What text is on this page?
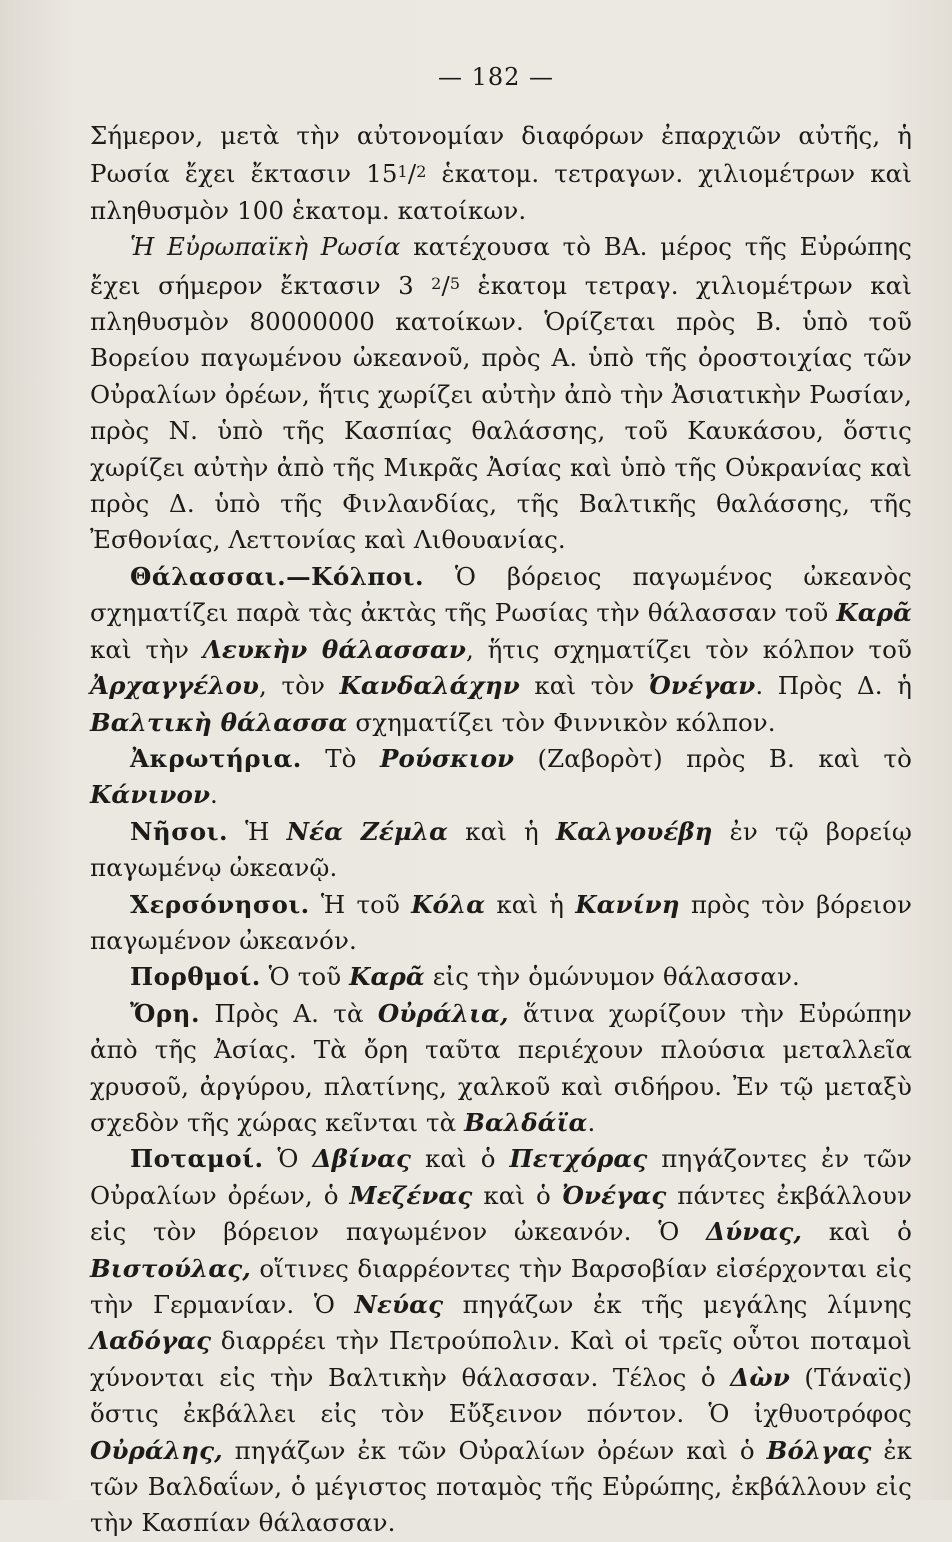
— 182 —

Σήμερον, μετὰ τὴν αὐτονομίαν διαφόρων ἐπαρχιῶν αὐτῆς, ἡ Ρωσία ἔχει ἔκτασιν $15^1/^2$ ἑκατομ. τετραγων. χιλιομέτρων καὶ πληθυσμὸν 100 ἑκατομ. κατοίκων.

Ἡ Εὐρωπαϊκὴ Ρωσία κατέχουσα τὸ ΒΑ. μέρος τῆς Εὐρώπης ἔχει σήμερον ἔκτασιν 3 $^2$/$^5$ ἑκατομ τετραγ. χιλιομέτρων καὶ πληθυσμὸν 80000000 κατοίκων. Ὁρίζεται πρὸς Β. ὑπὸ τοῦ Βορείου παγωμένου ὠκεανοῦ, πρὸς Α. ὑπὸ τῆς ὀροστοιχίας τῶν Οὐραλίων ὀρέων, ἥτις χωρίζει αὐτὴν ἀπὸ τὴν Ἀσιατικὴν Ρωσίαν, πρὸς Ν. ὑπὸ τῆς Κασπίας θαλάσσης, τοῦ Καυκάσου, ὅστις χωρίζει αὐτὴν ἀπὸ τῆς Μικρᾶς Ἀσίας καὶ ὑπὸ τῆς Οὐκρανίας καὶ πρὸς Δ. ὑπὸ τῆς Φινλανδίας, τῆς Βαλτικῆς θαλάσσης, τῆς Ἐσθονίας, Λεττονίας καὶ Λιθουανίας.

Θάλασσαι.—Κόλποι. Ὁ βόρειος παγωμένος ὠκεανὸς σχηματίζει παρὰ τὰς ἀκτὰς τῆς Ρωσίας τὴν θάλασσαν τοῦ Καρᾶ καὶ τὴν Λευκὴν θάλασσαν, ἥτις σχηματίζει τὸν κόλπον τοῦ Ἀρχαγγέλου, τὸν Κανδαλάχην καὶ τὸν Ὀνέγαν. Πρὸς Δ. ἡ Βαλτικὴ θάλασσα σχηματίζει τὸν Φιννικὸν κόλπον.

Ἀκρωτήρια. Τὸ Ρούσκιον (Ζαβορὸτ) πρὸς Β. καὶ τὸ Κάνινον.

Νῆσοι. Ἡ Νέα Ζέμλα καὶ ἡ Καλγουέβη ἐν τῷ βορείῳ παγωμένῳ ὠκεανῷ.

Χερσόνησοι. Ἡ τοῦ Κόλα καὶ ἡ Κανίνη πρὸς τὸν βόρειον παγωμένον ὠκεανόν.

Πορθμοί. Ὁ τοῦ Καρᾶ εἰς τὴν ὁμώνυμον θάλασσαν.

Ὄρη. Πρὸς Α. τὰ Οὐράλια, ἅτινα χωρίζουν τὴν Εὐρώπην ἀπὸ τῆς Ἀσίας. Τὰ ὄρη ταῦτα περιέχουν πλούσια μεταλλεῖα χρυσοῦ, ἀργύρου, πλατίνης, χαλκοῦ καὶ σιδήρου. Ἐν τῷ μεταξὺ σχεδὸν τῆς χώρας κεῖνται τὰ Βαλδάϊα.

Ποταμοί. Ὁ Δβίνας καὶ ὁ Πετχόρας πηγάζοντες ἐν τῶν Οὐραλίων ὀρέων, ὁ Μεζένας καὶ ὁ Ὀνέγας πάντες ἐκβάλλουν εἰς τὸν βόρειον παγωμένον ὠκεανόν. Ὁ Δύνας, καὶ ὁ Βιστούλας, οἵτινες διαρρέοντες τὴν Βαρσοβίαν εἰσέρχονται εἰς τὴν Γερμανίαν. Ὁ Νεύας πηγάζων ἐκ τῆς μεγάλης λίμνης Λαδόγας διαρρέει τὴν Πετρούπολιν. Καὶ οἱ τρεῖς οὗτοι ποταμοὶ χύνονται εἰς τὴν Βαλτικὴν θάλασσαν. Τέλος ὁ Δὼν (Τάναϊς) ὅστις ἐκβάλλει εἰς τὸν Εὔξεινον πόντον. Ὁ ἰχθυοτρόφος Οὐράλης, πηγάζων ἐκ τῶν Οὐραλίων ὀρέων καὶ ὁ Βόλγας ἐκ τῶν Βαλδαΐων, ὁ μέγιστος ποταμὸς τῆς Εὐρώπης, ἐκβάλλουν εἰς τὴν Κασπίαν θάλασσαν.
